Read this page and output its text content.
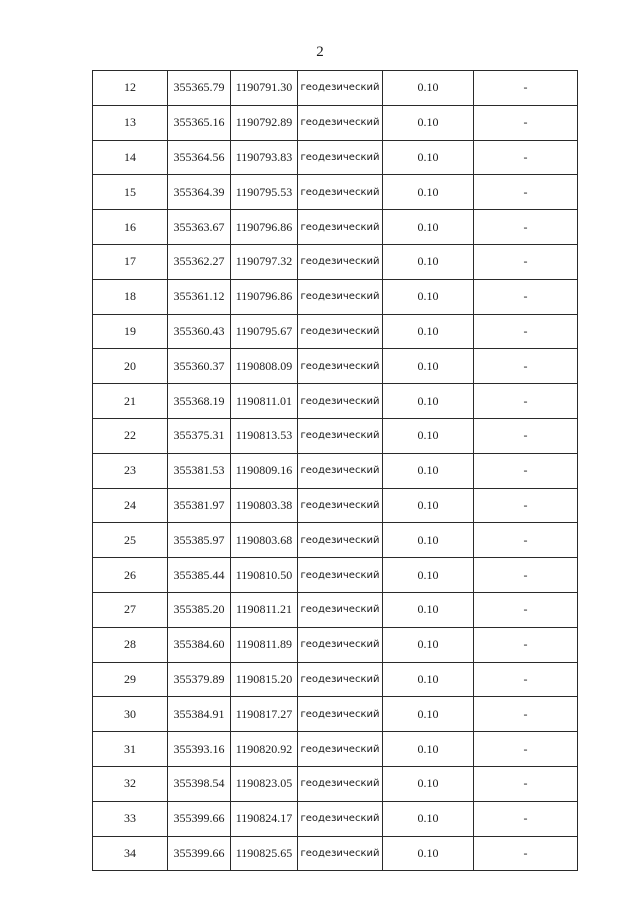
2
12	355365.79	1190791.30	геодезический	0.10	-
13	355365.16	1190792.89	геодезический	0.10	-
14	355364.56	1190793.83	геодезический	0.10	-
15	355364.39	1190795.53	геодезический	0.10	-
16	355363.67	1190796.86	геодезический	0.10	-
17	355362.27	1190797.32	геодезический	0.10	-
18	355361.12	1190796.86	геодезический	0.10	-
19	355360.43	1190795.67	геодезический	0.10	-
20	355360.37	1190808.09	геодезический	0.10	-
21	355368.19	1190811.01	геодезический	0.10	-
22	355375.31	1190813.53	геодезический	0.10	-
23	355381.53	1190809.16	геодезический	0.10	-
24	355381.97	1190803.38	геодезический	0.10	-
25	355385.97	1190803.68	геодезический	0.10	-
26	355385.44	1190810.50	геодезический	0.10	-
27	355385.20	1190811.21	геодезический	0.10	-
28	355384.60	1190811.89	геодезический	0.10	-
29	355379.89	1190815.20	геодезический	0.10	-
30	355384.91	1190817.27	геодезический	0.10	-
31	355393.16	1190820.92	геодезический	0.10	-
32	355398.54	1190823.05	геодезический	0.10	-
33	355399.66	1190824.17	геодезический	0.10	-
34	355399.66	1190825.65	геодезический	0.10	-
